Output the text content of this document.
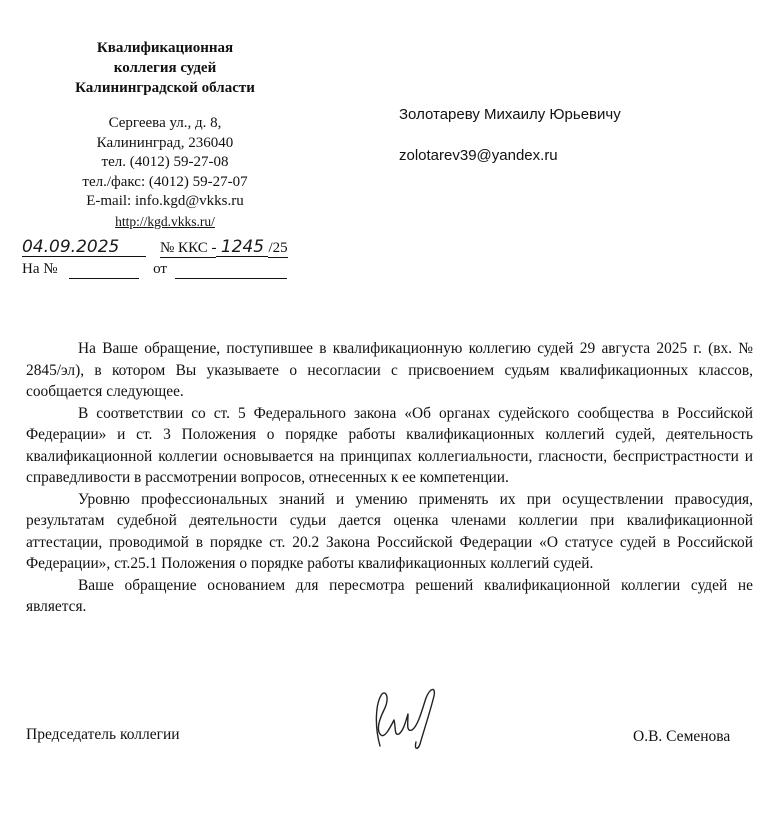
Квалификационная
коллегия судей
Калининградской области
Сергеева ул., д. 8,
Калининград, 236040
тел. (4012) 59-27-08
тел./факс: (4012) 59-27-07
E-mail: info.kgd@vkks.ru
http://kgd.vkks.ru/
Золотареву Михаилу Юрьевичу
zolotarev39@yandex.ru
04.09.2025	№ ККС - 1245 /25
На №	от

На Ваше обращение, поступившее в квалификационную коллегию судей 29 августа 2025 г. (вх. № 2845/эл), в котором Вы указываете о несогласии с присвоением судьям квалификационных классов, сообщается следующее.

В соответствии со ст. 5 Федерального закона «Об органах судейского сообщества в Российской Федерации» и ст. 3 Положения о порядке работы квалификационных коллегий судей, деятельность квалификационной коллегии основывается на принципах коллегиальности, гласности, беспристрастности и справедливости в рассмотрении вопросов, отнесенных к ее компетенции.

Уровню профессиональных знаний и умению применять их при осуществлении правосудия, результатам судебной деятельности судьи дается оценка членами коллегии при квалификационной аттестации, проводимой в порядке ст. 20.2 Закона Российской Федерации «О статусе судей в Российской Федерации», ст.25.1 Положения о порядке работы квалификационных коллегий судей.

Ваше обращение основанием для пересмотра решений квалификационной коллегии судей не является.

Председатель коллегии	О.В. Семенова
